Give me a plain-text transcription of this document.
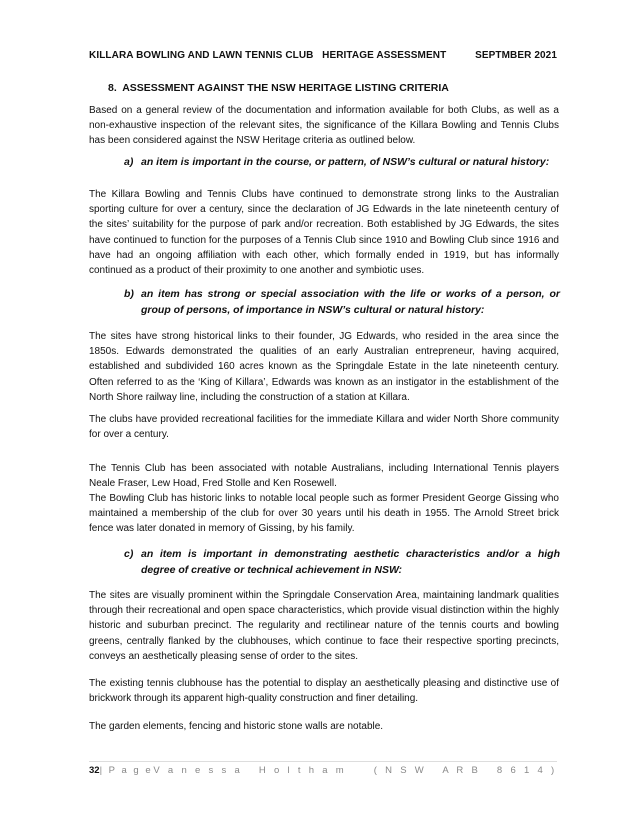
KILLARA BOWLING AND LAWN TENNIS CLUB   HERITAGE ASSESSMENT	SEPTMBER 2021
8.  ASSESSMENT AGAINST THE NSW HERITAGE LISTING CRITERIA

Based on a general review of the documentation and information available for both Clubs, as well as a non-exhaustive inspection of the relevant sites, the significance of the Killara Bowling and Tennis Clubs has been considered against the NSW Heritage criteria as outlined below.

a) an item is important in the course, or pattern, of NSW’s cultural or natural history:

The Killara Bowling and Tennis Clubs have continued to demonstrate strong links to the Australian sporting culture for over a century, since the declaration of JG Edwards in the late nineteenth century of the sites’ suitability for the purpose of park and/or recreation. Both established by JG Edwards, the sites have continued to function for the purposes of a Tennis Club since 1910 and Bowling Club since 1916 and have had an ongoing affiliation with each other, which formally ended in 1919, but has informally continued as a product of their proximity to one another and symbiotic uses.

b) an item has strong or special association with the life or works of a person, or group of persons, of importance in NSW’s cultural or natural history:

The sites have strong historical links to their founder, JG Edwards, who resided in the area since the 1850s. Edwards demonstrated the qualities of an early Australian entrepreneur, having acquired, established and subdivided 160 acres known as the Springdale Estate in the late nineteenth century. Often referred to as the ‘King of Killara’, Edwards was known as an instigator in the establishment of the North Shore railway line, including the construction of a station at Killara.

The clubs have provided recreational facilities for the immediate Killara and wider North Shore community for over a century.

The Tennis Club has been associated with notable Australians, including International Tennis players Neale Fraser, Lew Hoad, Fred Stolle and Ken Rosewell.

The Bowling Club has historic links to notable local people such as former President George Gissing who maintained a membership of the club for over 30 years until his death in 1955. The Arnold Street brick fence was later donated in memory of Gissing, by his family.

c) an item is important in demonstrating aesthetic characteristics and/or a high degree of creative or technical achievement in NSW:

The sites are visually prominent within the Springdale Conservation Area, maintaining landmark qualities through their recreational and open space characteristics, which provide visual distinction within the highly historic and suburban precinct. The regularity and rectilinear nature of the tennis courts and bowling greens, centrally flanked by the clubhouses, which continue to face their respective sporting precincts, conveys an aesthetically pleasing sense of order to the sites.

The existing tennis clubhouse has the potential to display an aesthetically pleasing and distinctive use of brickwork through its apparent high-quality construction and finer detailing.

The garden elements, fencing and historic stone walls are notable.

32| P a g e V a n e s s a   H o l t h a m     ( N S W   A R B   8 6 1 4 )
